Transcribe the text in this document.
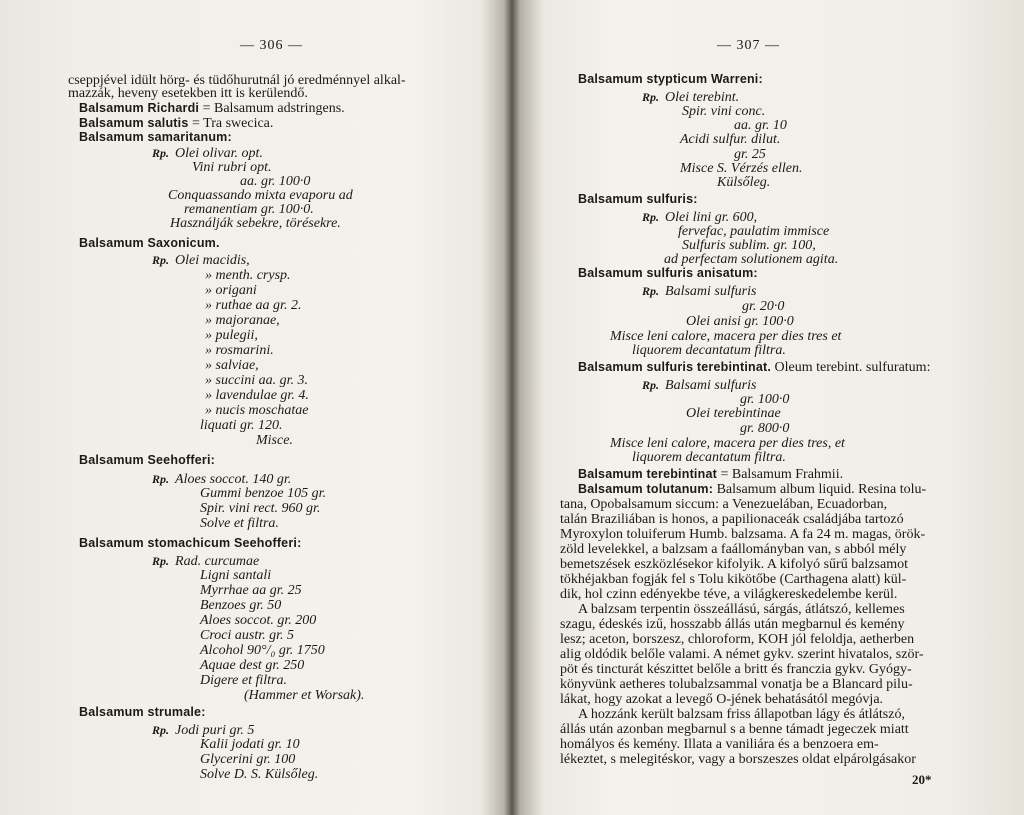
— 306 —
cseppjével idült hörg- és tüdőhurutnál jó eredménnyel alkal-
mazzák, heveny esetekben itt is kerülendő.
Balsamum Richardi = Balsamum adstringens.
Balsamum salutis = Tra swecica.
Balsamum samaritanum:
Rp. Olei olivar. opt.
Vini rubri opt.
aa. gr. 100·0
Conquassando mixta evaporu ad
remanentiam gr. 100·0.
Használják sebekre, törésekre.
Balsamum Saxonicum.
Rp. Olei macidis,
» menth. crysp.
» origani
» ruthae aa gr. 2.
» majoranae,
» pulegii,
» rosmarini.
» salviae,
» succini aa. gr. 3.
» lavendulae gr. 4.
» nucis moschatae
liquati gr. 120.
Misce.
Balsamum Seehofferi:
Rp. Aloes soccot. 140 gr.
Gummi benzoe 105 gr.
Spir. vini rect. 960 gr.
Solve et filtra.
Balsamum stomachicum Seehofferi:
Rp. Rad. curcumae
Ligni santali
Myrrhae aa gr. 25
Benzoes gr. 50
Aloes soccot. gr. 200
Croci austr. gr. 5
Alcohol 90°/₀ gr. 1750
Aquae dest gr. 250
Digere et filtra.
(Hammer et Worsak).
Balsamum strumale:
Rp. Jodi puri gr. 5
Kalii jodati gr. 10
Glycerini gr. 100
Solve D. S. Külsőleg.
— 307 —
Balsamum stypticum Warreni:
Rp. Olei terebint.
Spir. vini conc.
aa. gr. 10
Acidi sulfur. dilut.
gr. 25
Misce S. Vérzés ellen.
Külsőleg.
Balsamum sulfuris:
Rp. Olei lini gr. 600,
fervefac, paulatim immisce
Sulfuris sublim. gr. 100,
ad perfectam solutionem agita.
Balsamum sulfuris anisatum:
Rp. Balsami sulfuris
gr. 20·0
Olei anisi gr. 100·0
Misce leni calore, macera per dies tres et
liquorem decantatum filtra.
Balsamum sulfuris terebintinat. Oleum terebint. sulfuratum:
Rp. Balsami sulfuris
gr. 100·0
Olei terebintinae
gr. 800·0
Misce leni calore, macera per dies tres, et
liquorem decantatum filtra.
Balsamum terebintinat = Balsamum Frahmii.
Balsamum tolutanum: Balsamum album liquid. Resina tolu-
tana, Opobalsamum siccum: a Venezuelában, Ecuadorban,
talán Braziliában is honos, a papilionaceák családjába tartozó
Myroxylon toluiferum Humb. balzsama. A fa 24 m. magas, örök-
zöld levelekkel, a balzsam a faállományban van, s abból mély
bemetszések eszközlésekor kifolyik. A kifolyó sűrű balzsamot
tökhéjakban fogják fel s Tolu kikötőbe (Carthagena alatt) kül-
dik, hol czinn edényekbe téve, a világkereskedelembe kerül.
A balzsam terpentin összeállású, sárgás, átlátszó, kellemes
szagu, édeskés izű, hosszabb állás után megbarnul és kemény
lesz; aceton, borszesz, chloroform, KOH jól feloldja, aetherben
alig oldódik belőle valami. A német gykv. szerint hivatalos, ször-
pöt és tincturát készittet belőle a britt és franczia gykv. Gyógy-
könyvünk aetheres tolubalzsammal vonatja be a Blancard pilu-
lákat, hogy azokat a levegő O-jének behatásától megóvja.
A hozzánk került balzsam friss állapotban lágy és átlátszó,
állás után azonban megbarnul s a benne támadt jegeczek miatt
homályos és kemény. Illata a vaniliára és a benzoera em-
lékeztet, s melegitéskor, vagy a borszeszes oldat elpárolgásakor
20*
